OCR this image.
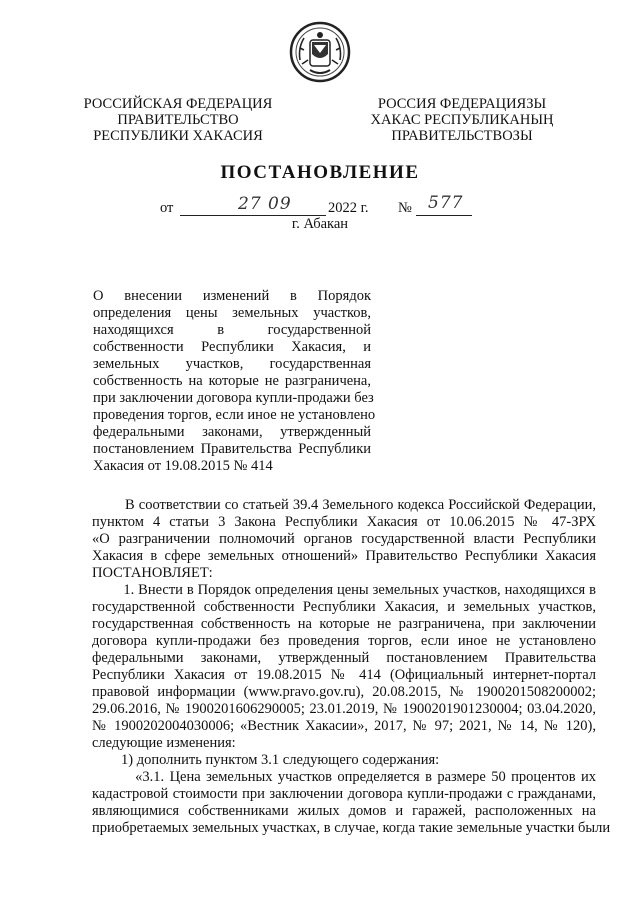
РОССИЙСКАЯ ФЕДЕРАЦИЯ
ПРАВИТЕЛЬСТВО
РЕСПУБЛИКИ ХАКАСИЯ
РОССИЯ ФЕДЕРАЦИЯЗЫ
ХАКАС РЕСПУБЛИКАНЫҢ
ПРАВИТЕЛЬСТВОЗЫ
ПОСТАНОВЛЕНИЕ
от	27 09	2022 г. № 577
г. Абакан
О внесении изменений в Порядок
определения цены земельных участков,
находящихся в государственной
собственности Республики Хакасия, и
земельных участков, государственная
собственность на которые не разграничена,
при заключении договора купли-продажи без
проведения торгов, если иное не установлено
федеральными законами, утвержденный
постановлением Правительства Республики
Хакасия от 19.08.2015 № 414
В соответствии со статьей 39.4 Земельного кодекса Российской Федерации,
пунктом 4 статьи 3 Закона Республики Хакасия от 10.06.2015 № 47-ЗРХ
«О разграничении полномочий органов государственной власти Республики
Хакасия в сфере земельных отношений» Правительство Республики Хакасия
ПОСТАНОВЛЯЕТ:
1. Внести в Порядок определения цены земельных участков, находящихся в
государственной собственности Республики Хакасия, и земельных участков,
государственная собственность на которые не разграничена, при заключении
договора купли-продажи без проведения торгов, если иное не установлено
федеральными законами, утвержденный постановлением Правительства
Республики Хакасия от 19.08.2015 № 414 (Официальный интернет-портал
правовой информации (www.pravo.gov.ru), 20.08.2015, № 1900201508200002;
29.06.2016, № 1900201606290005; 23.01.2019, № 1900201901230004; 03.04.2020,
№ 1900202004030006; «Вестник Хакасии», 2017, № 97; 2021, № 14, № 120),
следующие изменения:
1) дополнить пунктом 3.1 следующего содержания:
«3.1. Цена земельных участков определяется в размере 50 процентов их
кадастровой стоимости при заключении договора купли-продажи с гражданами,
являющимися собственниками жилых домов и гаражей, расположенных на
приобретаемых земельных участках, в случае, когда такие земельные участки были
